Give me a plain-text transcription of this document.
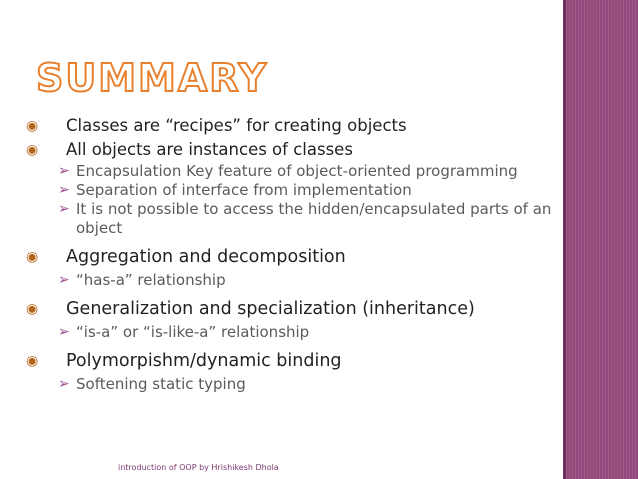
SUMMARY
◉ Classes are “recipes” for creating objects
◉ All objects are instances of classes
➢ Encapsulation Key feature of object-oriented programming
➢ Separation of interface from implementation
➢ It is not possible to access the hidden/encapsulated parts of an object
◉ Aggregation and decomposition
➢ “has-a” relationship
◉ Generalization and specialization (inheritance)
➢ “is-a” or “is-like-a” relationship
◉ Polymorpishm/dynamic binding
➢ Softening static typing
introduction of OOP by Hrishikesh Dhola
